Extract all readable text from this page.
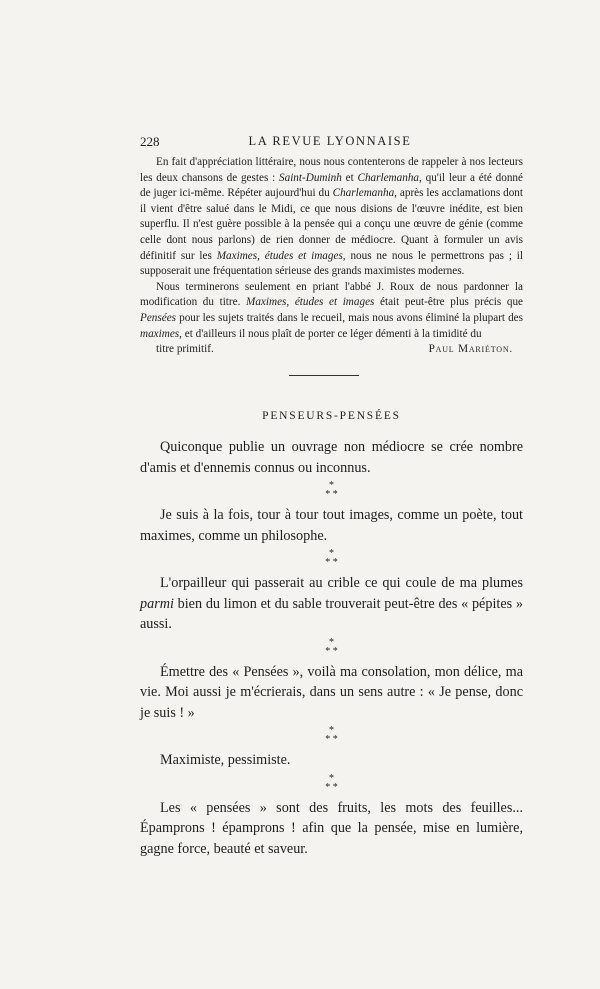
228	LA REVUE LYONNAISE

En fait d'appréciation littéraire, nous nous contenterons de rappeler à nos lecteurs les deux chansons de gestes : Saint-Duminh et Charlemanha, qu'il leur a été donné de juger ici-même. Répéter aujourd'hui du Charlemanha, après les acclamations dont il vient d'être salué dans le Midi, ce que nous disions de l'œuvre inédite, est bien superflu. Il n'est guère possible à la pensée qui a conçu une œuvre de génie (comme celle dont nous parlons) de rien donner de médiocre. Quant à formuler un avis définitif sur les Maximes, études et images, nous ne nous le permettrons pas ; il supposerait une fréquentation sérieuse des grands maximistes modernes.

Nous terminerons seulement en priant l'abbé J. Roux de nous pardonner la modification du titre. Maximes, études et images était peut-être plus précis que Pensées pour les sujets traités dans le recueil, mais nous avons éliminé la plupart des maximes, et d'ailleurs il nous plaît de porter ce léger démenti à la timidité du

titre primitif.	Paul Mariéton.

PENSEURS-PENSÉES

Quiconque publie un ouvrage non médiocre se crée nombre d'amis et d'ennemis connus ou inconnus.

*
* *

Je suis à la fois, tour à tour tout images, comme un poète, tout maximes, comme un philosophe.

*
* *

L'orpailleur qui passerait au crible ce qui coule de ma plumes parmi bien du limon et du sable trouverait peut-être des « pépites » aussi.

*
* *

Émettre des « Pensées », voilà ma consolation, mon délice, ma vie. Moi aussi je m'écrierais, dans un sens autre : « Je pense, donc je suis ! »

*
* *

Maximiste, pessimiste.

*
* *

Les « pensées » sont des fruits, les mots des feuilles... Épamprons ! épamprons ! afin que la pensée, mise en lumière, gagne force, beauté et saveur.
